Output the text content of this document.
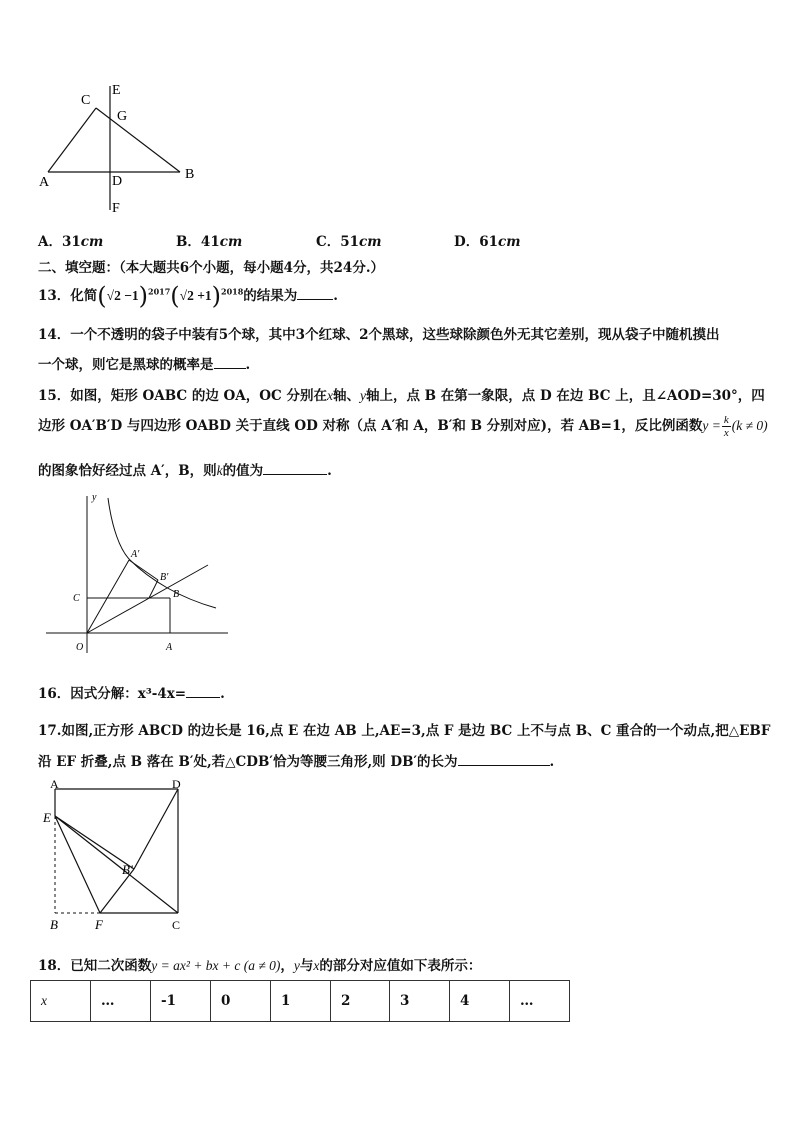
C
E
G
A	D	B
F
A．31cm	B．41cm	C．51cm	D．61cm
二、填空题：（本大题共6个小题，每小题4分，共24分.）
13．化简$(√2 -1)^{2017}(√2 +1)^{2018}$的结果为	.
14．一个不透明的袋子中装有5个球，其中3个红球、2个黑球，这些球除颜色外无其它差别，现从袋子中随机摸出
一个球，则它是黑球的概率是 .
15．如图，矩形 OABC 的边 OA，OC 分别在x轴、y轴上，点 B 在第一象限，点 D 在边 BC 上，且∠AOD=30°，四
边形 OA′B′D 与四边形 OABD 关于直线 OD 对称（点 A′和 A，B′和 B 分别对应)，若 AB=1，反比例函数$y = \frac{k}{x} (k \ne 0)$
的图象恰好经过点 A′，B，则k的值为	.
y
A′
B′
C	B
O	A
16．因式分解：x³-4x=	.
17.如图,正方形 ABCD 的边长是 16,点 E 在边 AB 上,AE=3,点 F 是边 BC 上不与点 B、C 重合的一个动点,把△EBF
沿 EF 折叠,点 B 落在 B′处,若△CDB′恰为等腰三角形,则 DB′的长为	.
A	D
E
B′
B	F	C
18．已知二次函数y = ax² + bx + c (a ≠ 0)，y与x的部分对应值如下表所示：
x	…	-1	0	1	2	3	4	…
